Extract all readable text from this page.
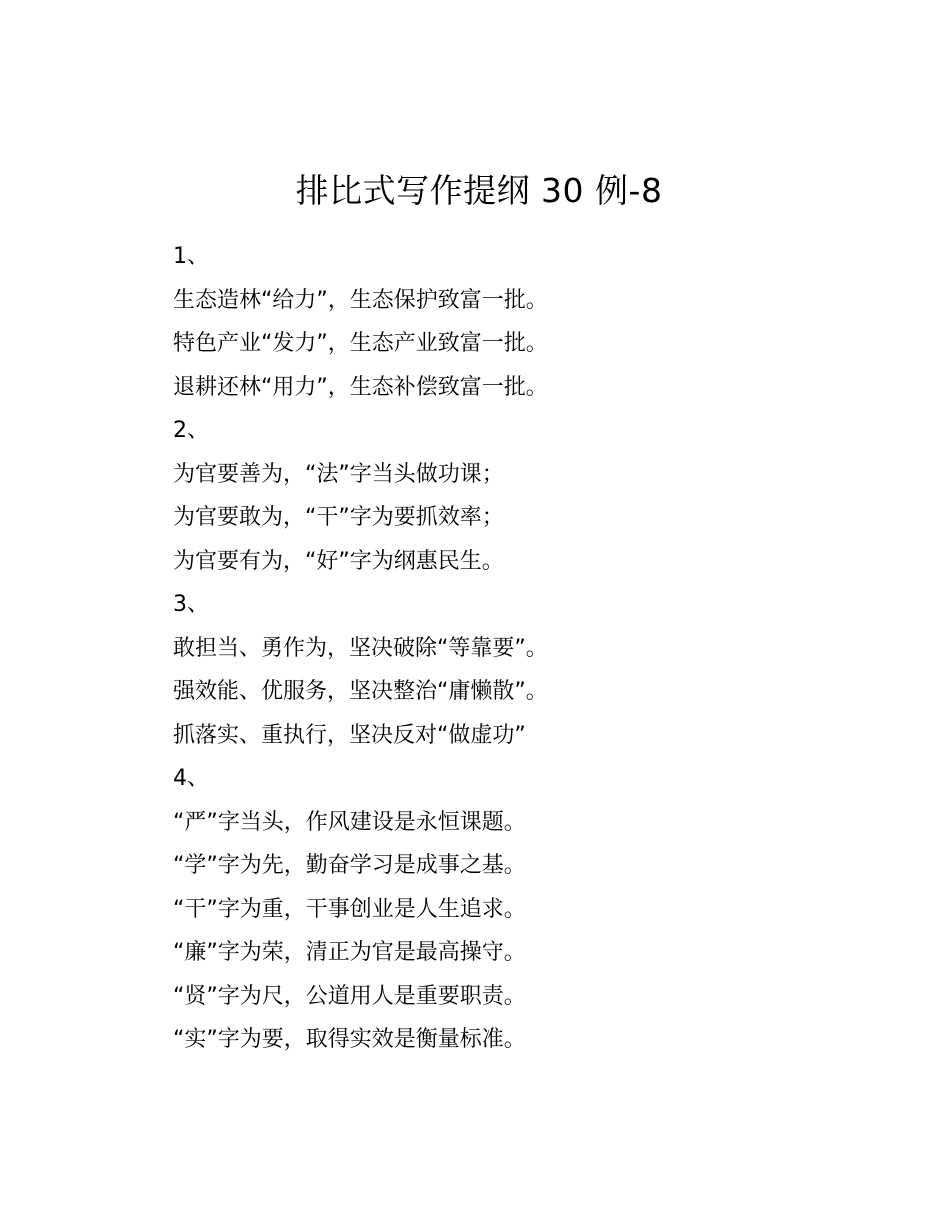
排比式写作提纲 30 例-8
1、
生态造林“给力”，生态保护致富一批。
特色产业“发力”，生态产业致富一批。
退耕还林“用力”，生态补偿致富一批。
2、
为官要善为，“法”字当头做功课；
为官要敢为，“干”字为要抓效率；
为官要有为，“好”字为纲惠民生。
3、
敢担当、勇作为，坚决破除“等靠要”。
强效能、优服务，坚决整治“庸懒散”。
抓落实、重执行，坚决反对“做虚功”
4、
“严”字当头，作风建设是永恒课题。
“学”字为先，勤奋学习是成事之基。
“干”字为重，干事创业是人生追求。
“廉”字为荣，清正为官是最高操守。
“贤”字为尺，公道用人是重要职责。
“实”字为要，取得实效是衡量标准。
